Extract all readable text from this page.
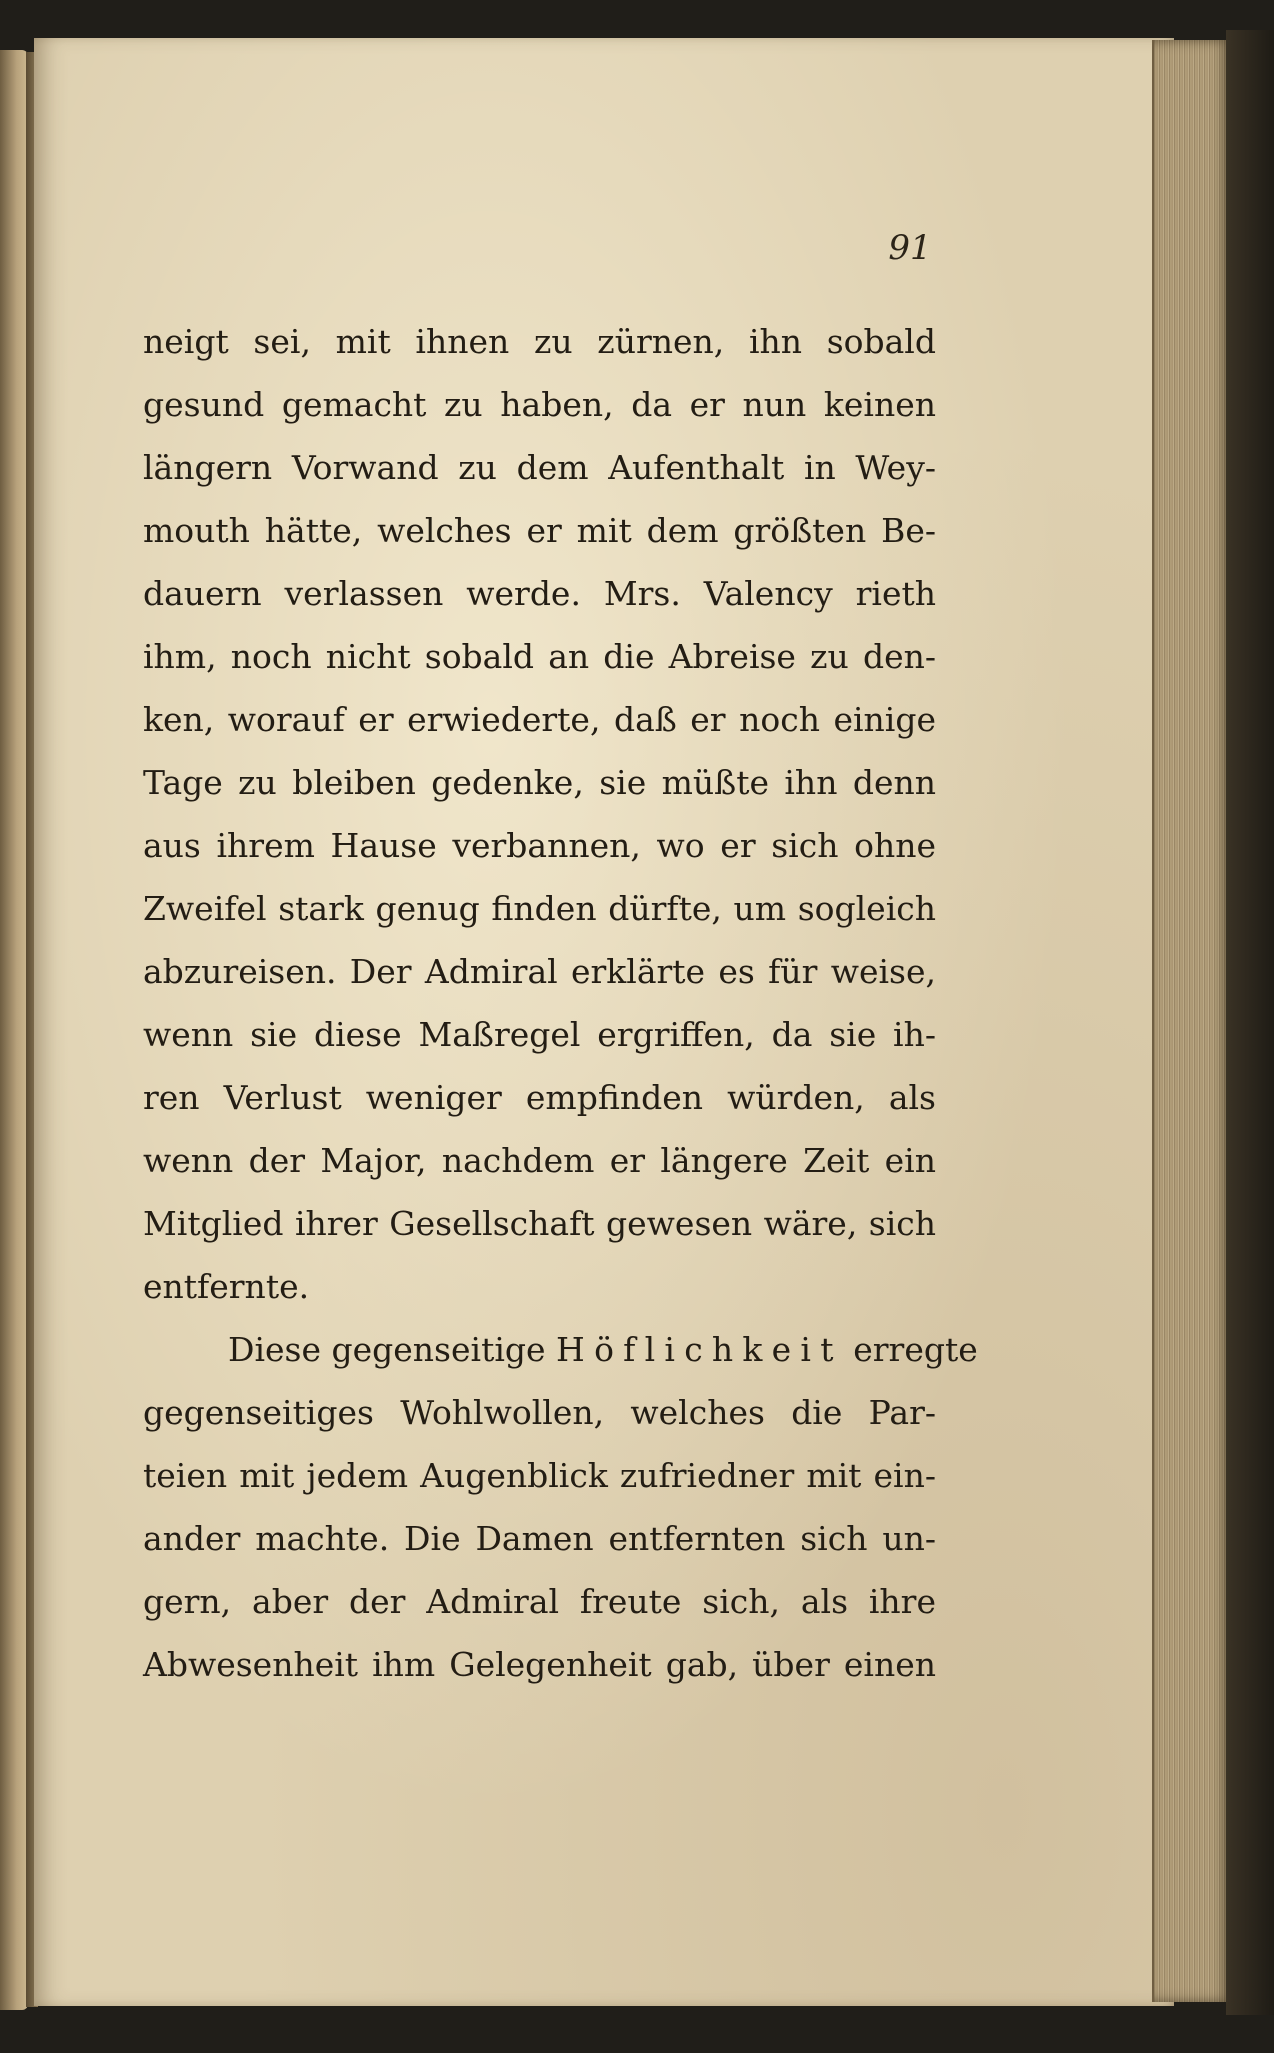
91
neigt sei, mit ihnen zu zürnen, ihn sobald
gesund gemacht zu haben, da er nun keinen
längern Vorwand zu dem Aufenthalt in Wey-
mouth hätte, welches er mit dem größten Be-
dauern verlassen werde. Mrs. Valency rieth
ihm, noch nicht sobald an die Abreise zu den-
ken, worauf er erwiederte, daß er noch einige
Tage zu bleiben gedenke, sie müßte ihn denn
aus ihrem Hause verbannen, wo er sich ohne
Zweifel stark genug finden dürfte, um sogleich
abzureisen. Der Admiral erklärte es für weise,
wenn sie diese Maßregel ergriffen, da sie ih-
ren Verlust weniger empfinden würden, als
wenn der Major, nachdem er längere Zeit ein
Mitglied ihrer Gesellschaft gewesen wäre, sich
entfernte.
Diese gegenseitige Höflichkeit erregte
gegenseitiges Wohlwollen, welches die Par-
teien mit jedem Augenblick zufriedner mit ein-
ander machte. Die Damen entfernten sich un-
gern, aber der Admiral freute sich, als ihre
Abwesenheit ihm Gelegenheit gab, über einen
